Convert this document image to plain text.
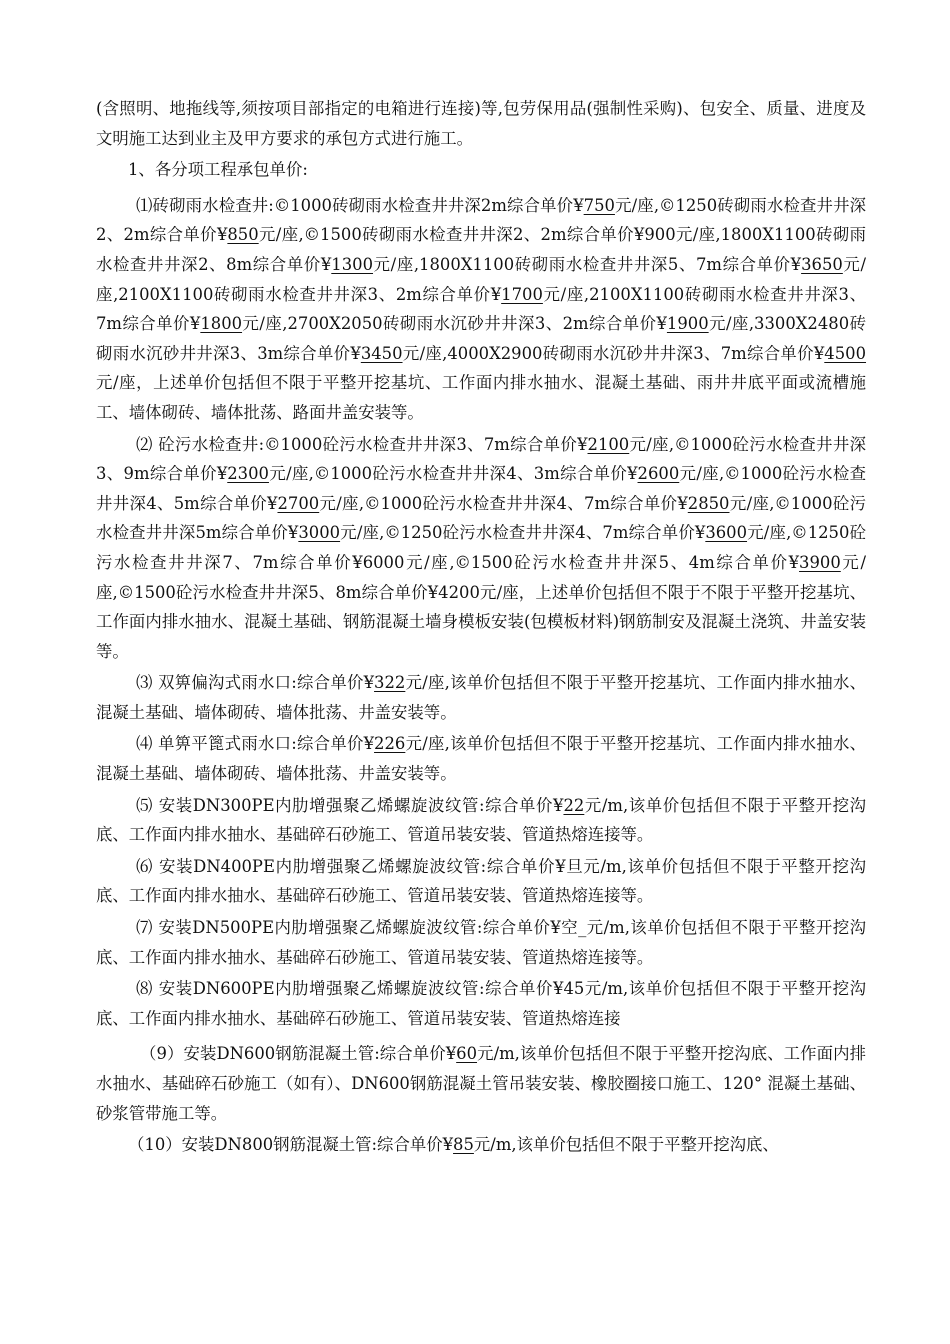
(含照明、地拖线等,须按项目部指定的电箱进行连接)等,包劳保用品(强制性采购)、包安全、质量、进度及文明施工达到业主及甲方要求的承包方式进行施工。

1、各分项工程承包单价:

⑴砖砌雨水检查井:©1000砖砌雨水检查井井深2m综合单价¥750元/座,©1250砖砌雨水检查井井深2、2m综合单价¥850元/座,©1500砖砌雨水检查井井深2、2m综合单价¥900元/座,1800X1100砖砌雨水检查井井深2、8m综合单价¥1300元/座,1800X1100砖砌雨水检查井井深5、7m综合单价¥3650元/座,2100X1100砖砌雨水检查井井深3、2m综合单价¥1700元/座,2100X1100砖砌雨水检查井井深3、7m综合单价¥1800元/座,2700X2050砖砌雨水沉砂井井深3、2m综合单价¥1900元/座,3300X2480砖砌雨水沉砂井井深3、3m综合单价¥3450元/座,4000X2900砖砌雨水沉砂井井深3、7m综合单价¥4500元/座，上述单价包括但不限于平整开挖基坑、工作面内排水抽水、混凝土基础、雨井井底平面或流槽施工、墙体砌砖、墙体批荡、路面井盖安装等。

⑵ 砼污水检查井:©1000砼污水检查井井深3、7m综合单价¥2100元/座,©1000砼污水检查井井深3、9m综合单价¥2300元/座,©1000砼污水检查井井深4、3m综合单价¥2600元/座,©1000砼污水检查井井深4、5m综合单价¥2700元/座,©1000砼污水检查井井深4、7m综合单价¥2850元/座,©1000砼污水检查井井深5m综合单价¥3000元/座,©1250砼污水检查井井深4、7m综合单价¥3600元/座,©1250砼污水检查井井深7、7m综合单价¥6000元/座,©1500砼污水检查井井深5、4m综合单价¥3900元/座,©1500砼污水检查井井深5、8m综合单价¥4200元/座，上述单价包括但不限于不限于平整开挖基坑、工作面内排水抽水、混凝土基础、钢筋混凝土墙身模板安装(包模板材料)钢筋制安及混凝土浇筑、井盖安装等。

⑶ 双箅偏沟式雨水口:综合单价¥322元/座,该单价包括但不限于平整开挖基坑、工作面内排水抽水、混凝土基础、墙体砌砖、墙体批荡、井盖安装等。

⑷ 单箅平篦式雨水口:综合单价¥226元/座,该单价包括但不限于平整开挖基坑、工作面内排水抽水、混凝土基础、墙体砌砖、墙体批荡、井盖安装等。

⑸ 安装DN300PE内肋增强聚乙烯螺旋波纹管:综合单价¥22元/m,该单价包括但不限于平整开挖沟底、工作面内排水抽水、基础碎石砂施工、管道吊装安装、管道热熔连接等。

⑹ 安装DN400PE内肋增强聚乙烯螺旋波纹管:综合单价¥旦元/m,该单价包括但不限于平整开挖沟底、工作面内排水抽水、基础碎石砂施工、管道吊装安装、管道热熔连接等。

⑺ 安装DN500PE内肋增强聚乙烯螺旋波纹管:综合单价¥空_元/m,该单价包括但不限于平整开挖沟底、工作面内排水抽水、基础碎石砂施工、管道吊装安装、管道热熔连接等。

⑻ 安装DN600PE内肋增强聚乙烯螺旋波纹管:综合单价¥45元/m,该单价包括但不限于平整开挖沟底、工作面内排水抽水、基础碎石砂施工、管道吊装安装、管道热熔连接

（9）安装DN600钢筋混凝土管:综合单价¥60元/m,该单价包括但不限于平整开挖沟底、工作面内排水抽水、基础碎石砂施工（如有）、DN600钢筋混凝土管吊装安装、橡胶圈接口施工、120° 混凝土基础、砂浆管带施工等。

（10）安装DN800钢筋混凝土管:综合单价¥85元/m,该单价包括但不限于平整开挖沟底、
